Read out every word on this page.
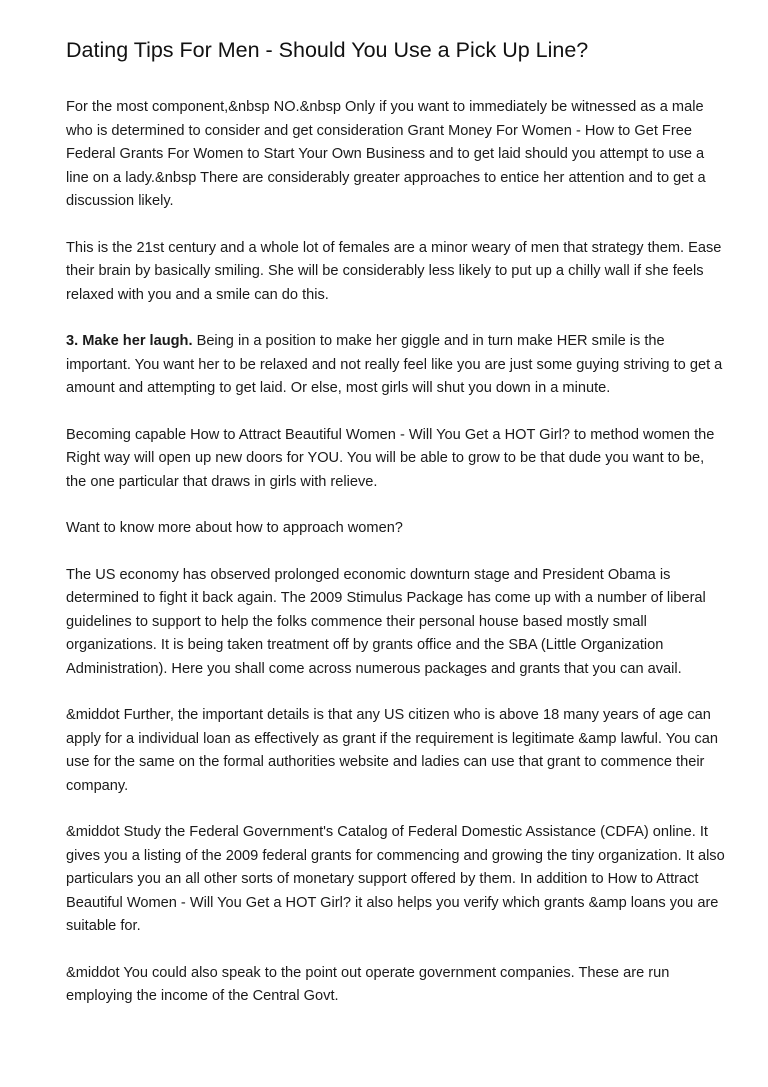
Dating Tips For Men - Should You Use a Pick Up Line?

For the most component,&nbsp NO.&nbsp Only if you want to immediately be witnessed as a male who is determined to consider and get consideration Grant Money For Women - How to Get Free Federal Grants For Women to Start Your Own Business and to get laid should you attempt to use a line on a lady.&nbsp There are considerably greater approaches to entice her attention and to get a discussion likely.

This is the 21st century and a whole lot of females are a minor weary of men that strategy them. Ease their brain by basically smiling. She will be considerably less likely to put up a chilly wall if she feels relaxed with you and a smile can do this.

3. Make her laugh. Being in a position to make her giggle and in turn make HER smile is the important. You want her to be relaxed and not really feel like you are just some guying striving to get a amount and attempting to get laid. Or else, most girls will shut you down in a minute.

Becoming capable How to Attract Beautiful Women - Will You Get a HOT Girl? to method women the Right way will open up new doors for YOU. You will be able to grow to be that dude you want to be, the one particular that draws in girls with relieve.

Want to know more about how to approach women?

The US economy has observed prolonged economic downturn stage and President Obama is determined to fight it back again. The 2009 Stimulus Package has come up with a number of liberal guidelines to support to help the folks commence their personal house based mostly small organizations. It is being taken treatment off by grants office and the SBA (Little Organization Administration). Here you shall come across numerous packages and grants that you can avail.

&middot Further, the important details is that any US citizen who is above 18 many years of age can apply for a individual loan as effectively as grant if the requirement is legitimate &amp lawful. You can use for the same on the formal authorities website and ladies can use that grant to commence their company.

&middot Study the Federal Government's Catalog of Federal Domestic Assistance (CDFA) online. It gives you a listing of the 2009 federal grants for commencing and growing the tiny organization. It also particulars you an all other sorts of monetary support offered by them. In addition to How to Attract Beautiful Women - Will You Get a HOT Girl? it also helps you verify which grants &amp loans you are suitable for.

&middot You could also speak to the point out operate government companies. These are run employing the income of the Central Govt.
